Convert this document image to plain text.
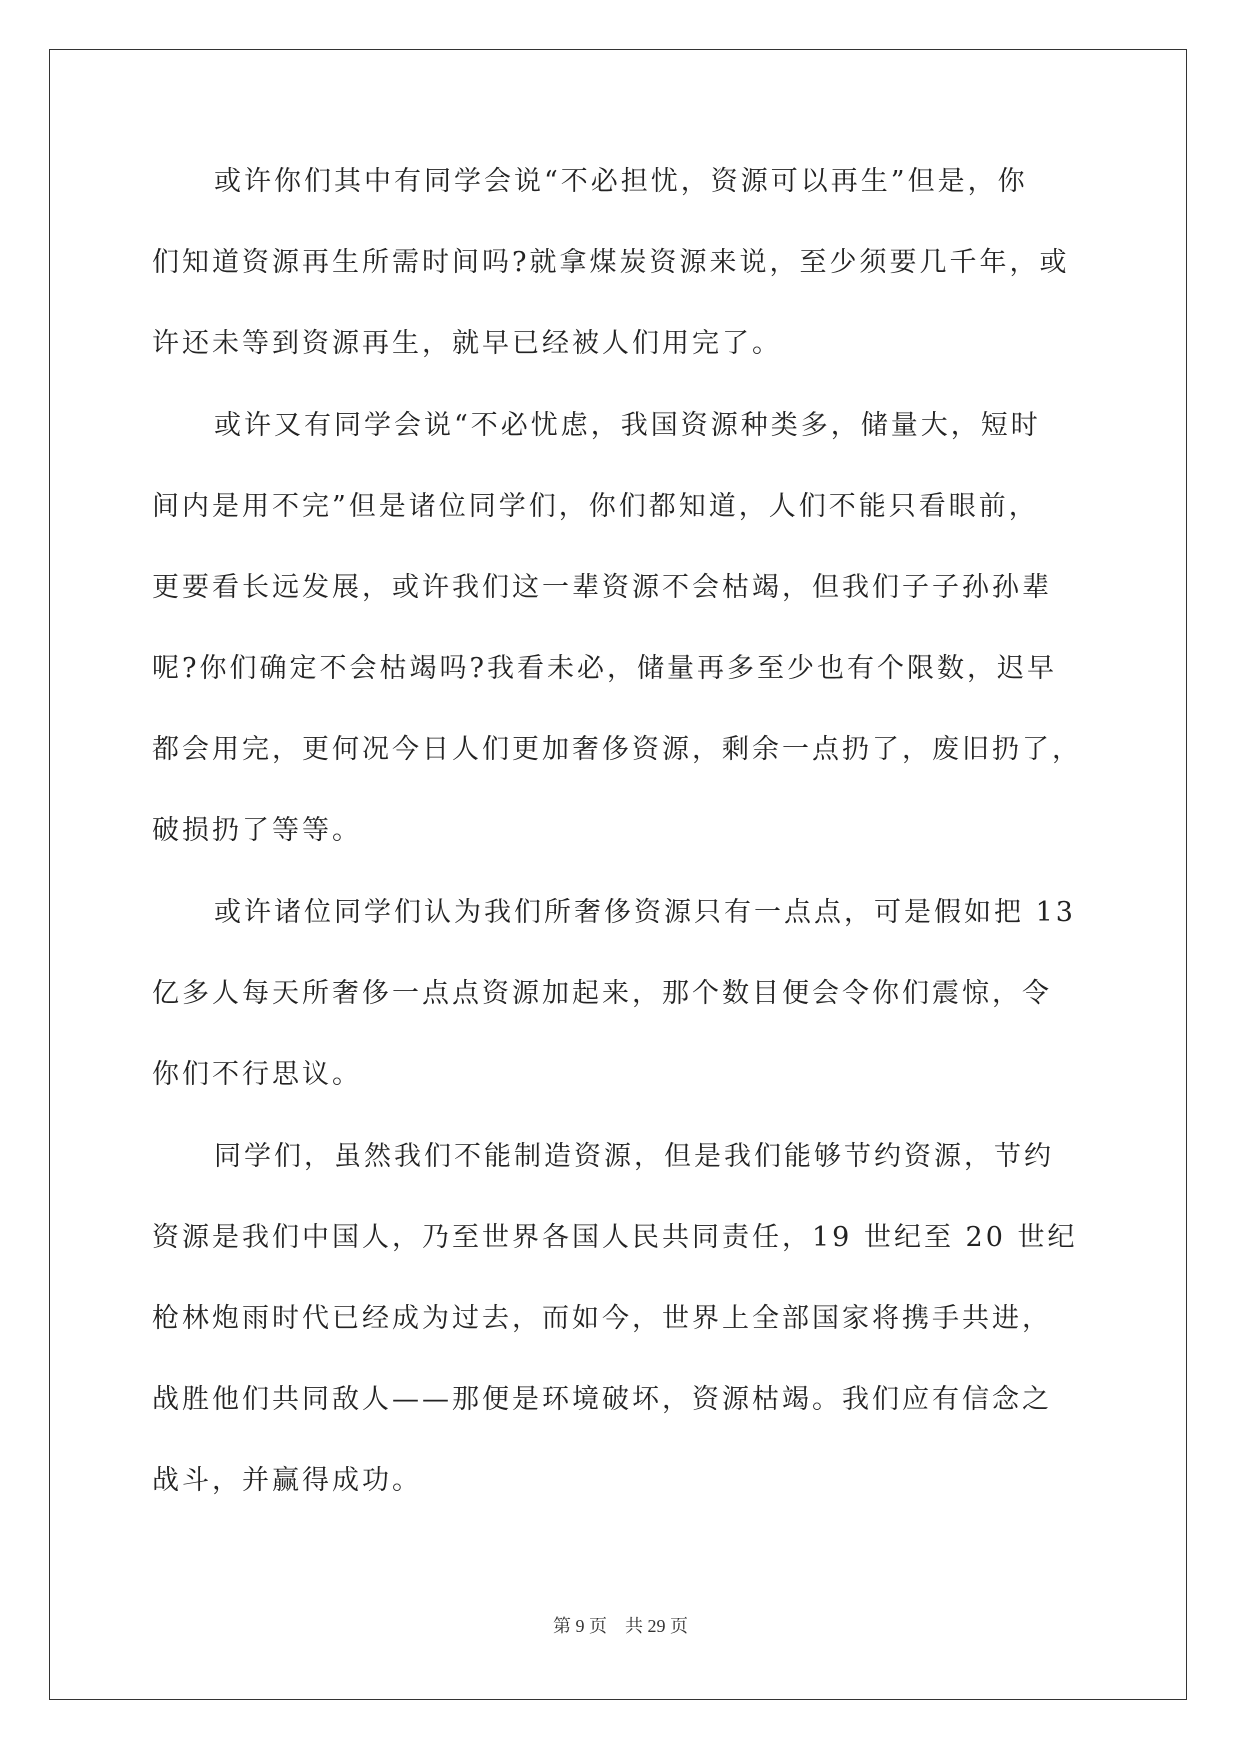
或许你们其中有同学会说“不必担忧，资源可以再生”但是，你
们知道资源再生所需时间吗?就拿煤炭资源来说，至少须要几千年，或
许还未等到资源再生，就早已经被人们用完了。
或许又有同学会说“不必忧虑，我国资源种类多，储量大，短时
间内是用不完”但是诸位同学们，你们都知道，人们不能只看眼前，
更要看长远发展，或许我们这一辈资源不会枯竭，但我们子子孙孙辈
呢?你们确定不会枯竭吗?我看未必，储量再多至少也有个限数，迟早
都会用完，更何况今日人们更加奢侈资源，剩余一点扔了，废旧扔了，
破损扔了等等。
或许诸位同学们认为我们所奢侈资源只有一点点，可是假如把 13
亿多人每天所奢侈一点点资源加起来，那个数目便会令你们震惊，令
你们不行思议。
同学们，虽然我们不能制造资源，但是我们能够节约资源，节约
资源是我们中国人，乃至世界各国人民共同责任，19 世纪至 20 世纪
枪林炮雨时代已经成为过去，而如今，世界上全部国家将携手共进，
战胜他们共同敌人——那便是环境破坏，资源枯竭。我们应有信念之
战斗，并赢得成功。
第 9 页 共 29 页
